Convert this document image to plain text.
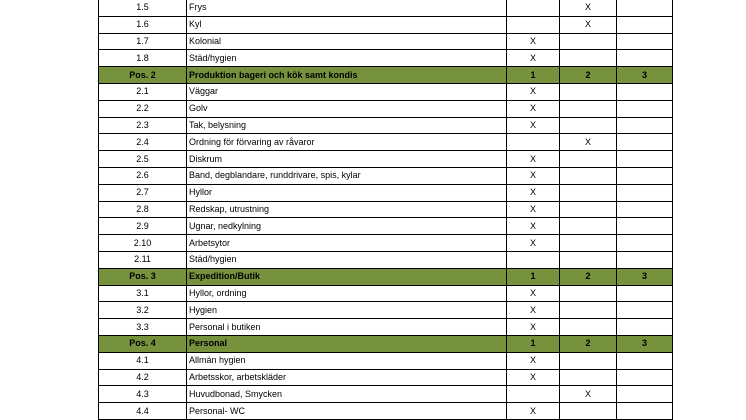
1.5	Frys		X	
1.6	Kyl		X	
1.7	Kolonial	X		
1.8	Städ/hygien	X		
Pos. 2	Produktion bageri och kök samt kondis	1	2	3
2.1	Väggar	X		
2.2	Golv	X		
2.3	Tak, belysning	X		
2.4	Ordning för förvaring av råvaror		X	
2.5	Diskrum	X		
2.6	Band, degblandare, runddrivare, spis, kylar	X		
2.7	Hyllor	X		
2.8	Redskap, utrustning	X		
2.9	Ugnar, nedkylning	X		
2.10	Arbetsytor	X		
2.11	Städ/hygien			
Pos. 3	Expedition/Butik	1	2	3
3.1	Hyllor, ordning	X		
3.2	Hygien	X		
3.3	Personal i butiken	X		
Pos. 4	Personal	1	2	3
4.1	Allmän hygien	X		
4.2	Arbetsskor, arbetskläder	X		
4.3	Huvudbonad, Smycken		X	
4.4	Personal- WC	X		
